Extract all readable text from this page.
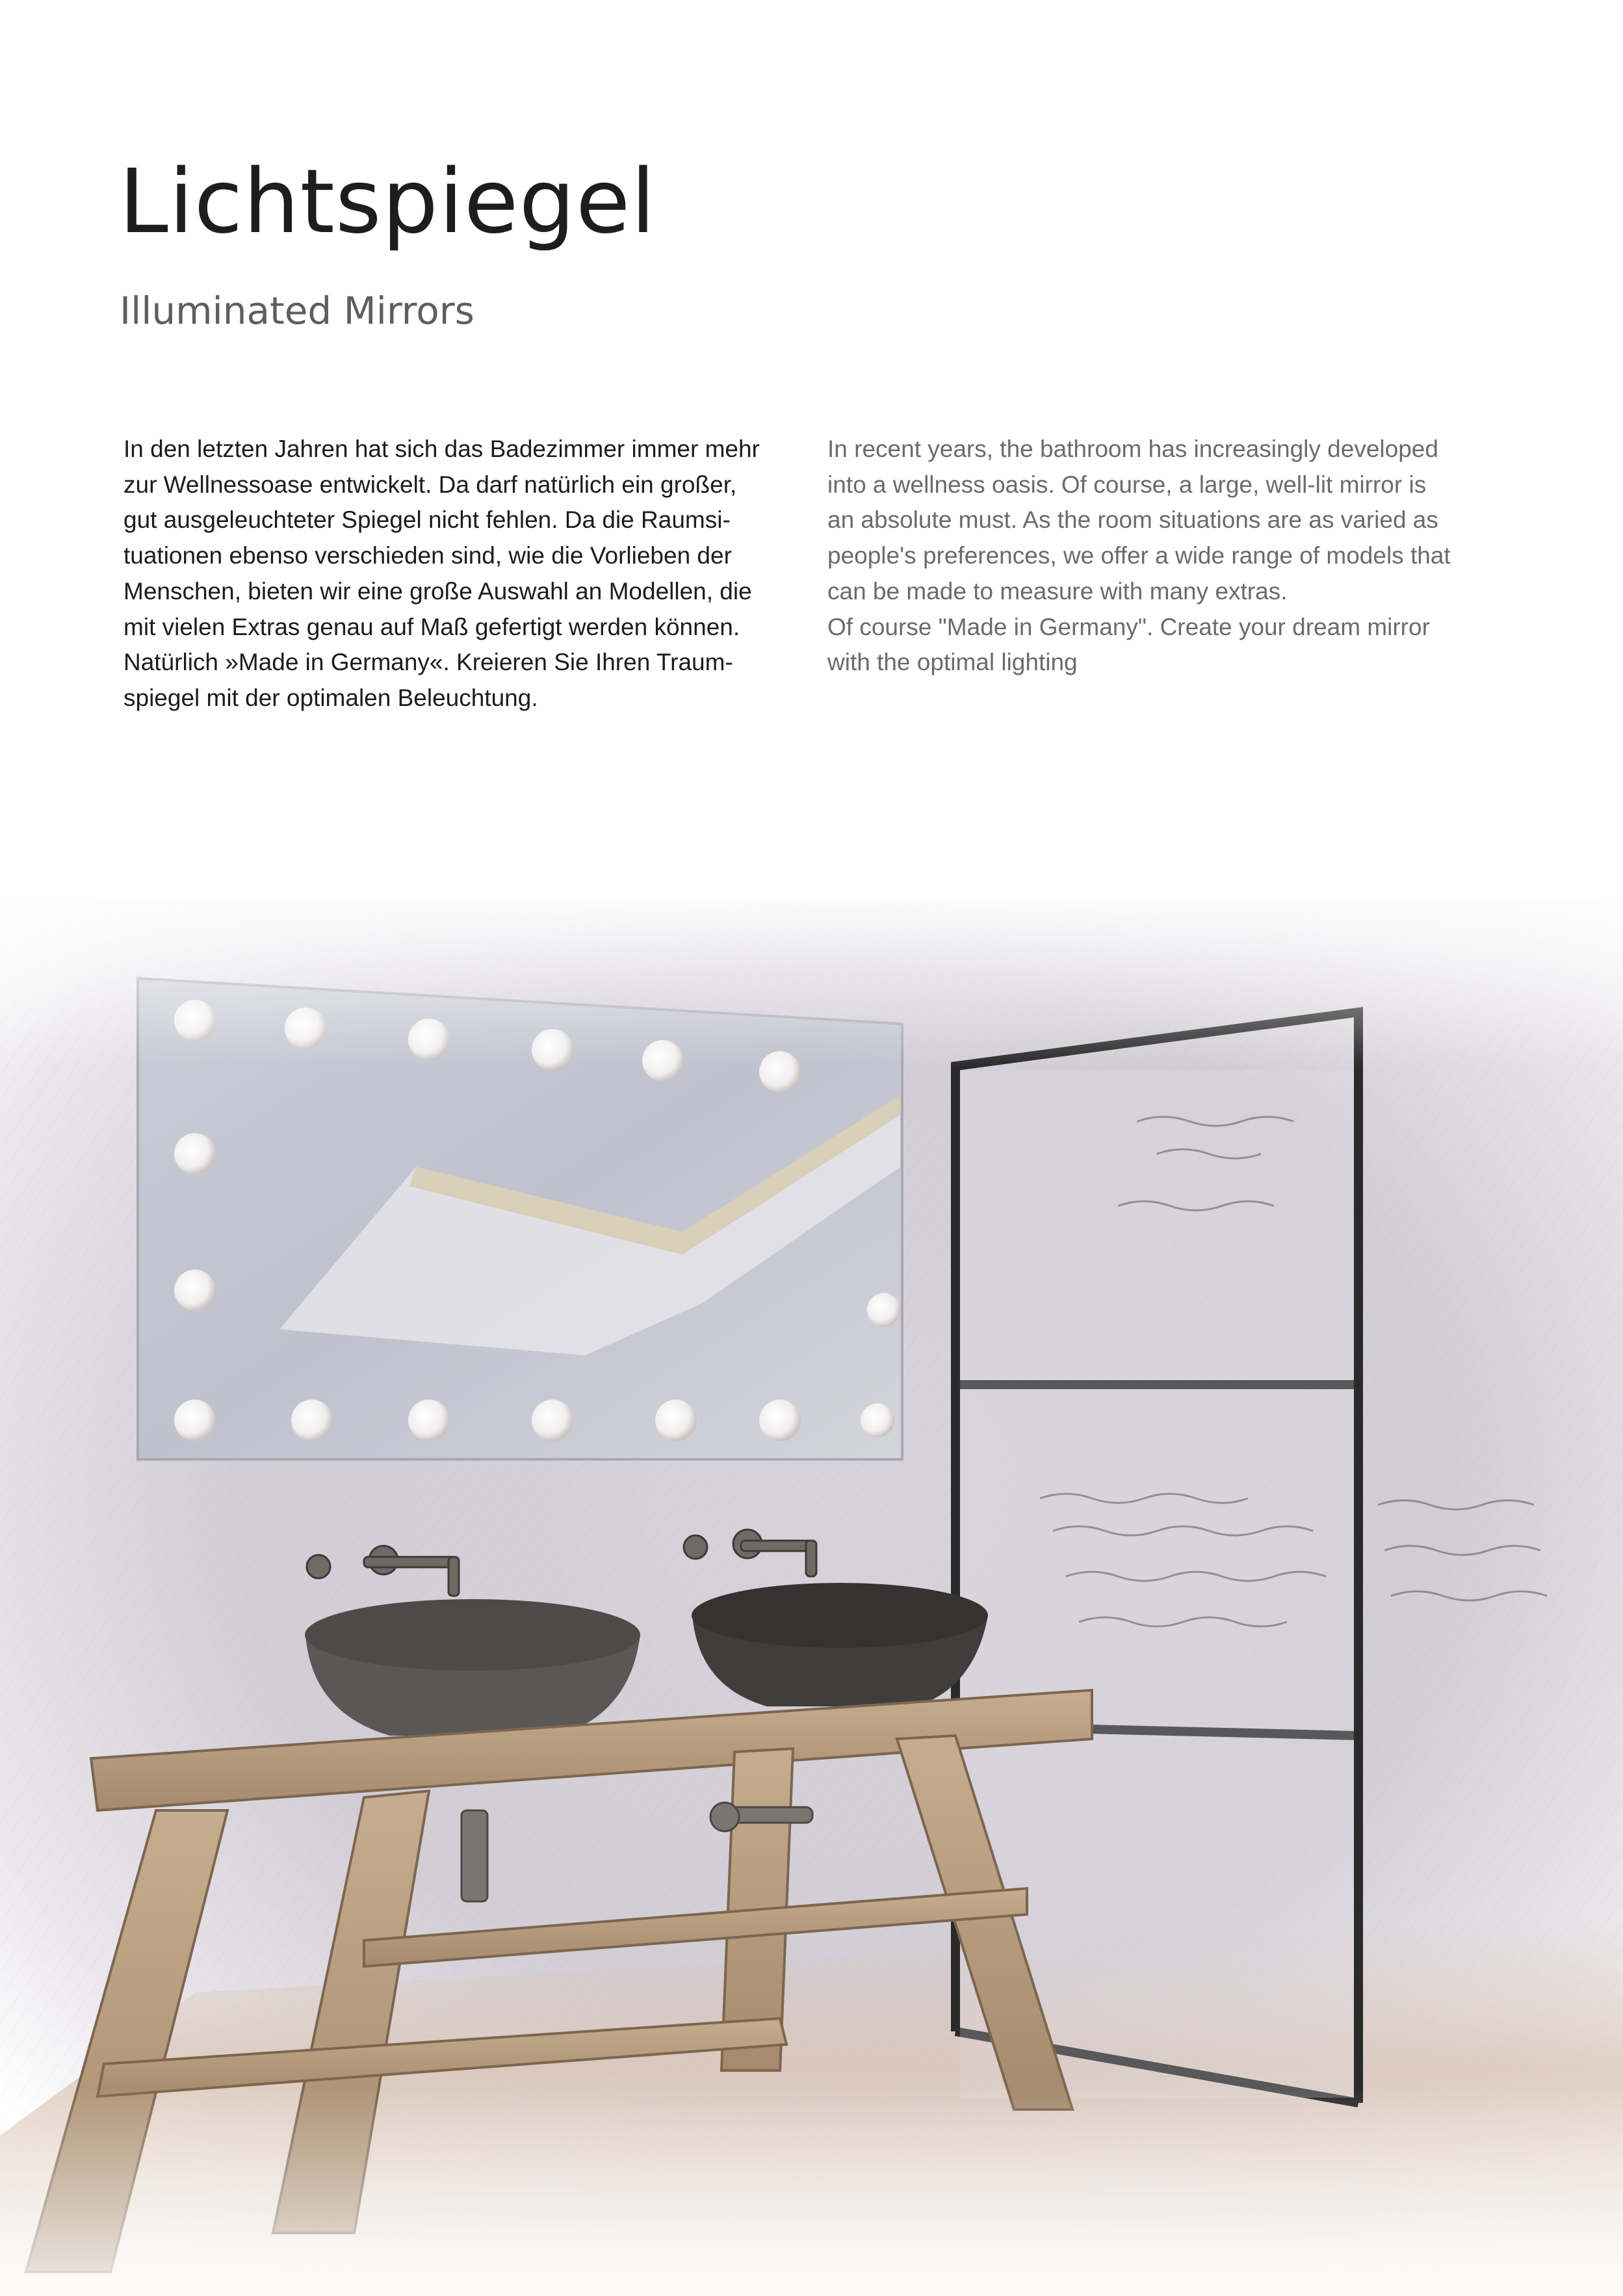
Lichtspiegel
Illuminated Mirrors
In den letzten Jahren hat sich das Badezimmer immer mehr
zur Wellnessoase entwickelt. Da darf natürlich ein großer,
gut ausgeleuchteter Spiegel nicht fehlen. Da die Raumsi-
tuationen ebenso verschieden sind, wie die Vorlieben der
Menschen, bieten wir eine große Auswahl an Modellen, die
mit vielen Extras genau auf Maß gefertigt werden können.
Natürlich »Made in Germany«. Kreieren Sie Ihren Traum-
spiegel mit der optimalen Beleuchtung.
In recent years, the bathroom has increasingly developed
into a wellness oasis. Of course, a large, well-lit mirror is
an absolute must. As the room situations are as varied as
people's preferences, we offer a wide range of models that
can be made to measure with many extras.
Of course "Made in Germany". Create your dream mirror
with the optimal lighting
